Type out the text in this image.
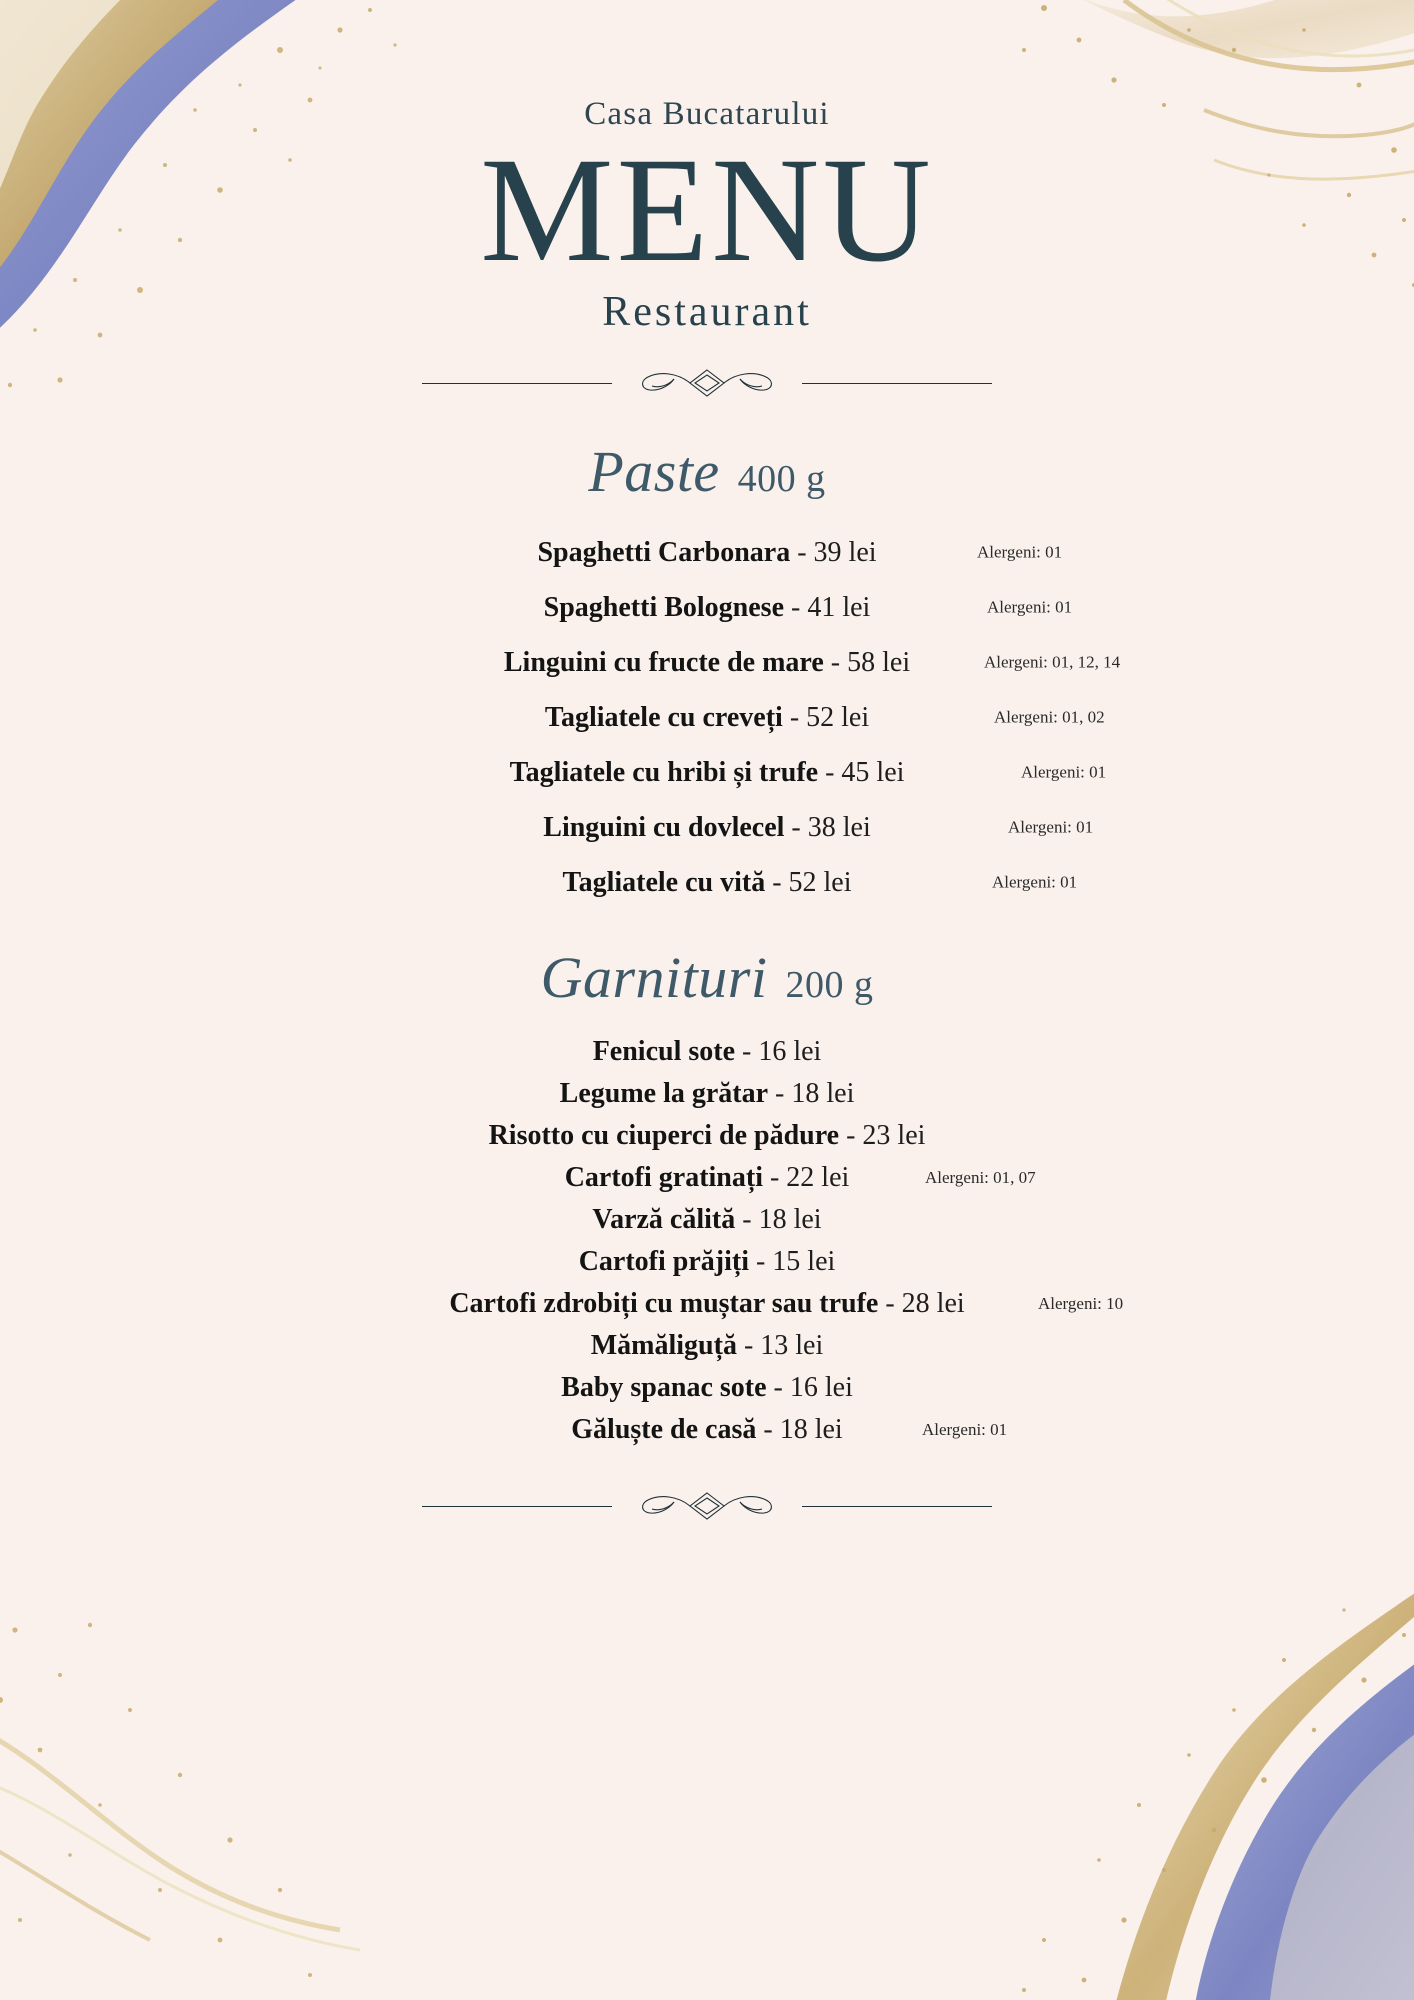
Casa Bucatarului
MENU
Restaurant
Paste 400 g
Spaghetti Carbonara - 39 lei	Alergeni: 01
Spaghetti Bolognese - 41 lei	Alergeni: 01
Linguini cu fructe de mare - 58 lei	Alergeni: 01, 12, 14
Tagliatele cu creveți - 52 lei	Alergeni: 01, 02
Tagliatele cu hribi și trufe - 45 lei	Alergeni: 01
Linguini cu dovlecel - 38 lei	Alergeni: 01
Tagliatele cu vită - 52 lei	Alergeni: 01
Garnituri 200 g
Fenicul sote - 16 lei
Legume la grătar - 18 lei
Risotto cu ciuperci de pădure - 23 lei
Cartofi gratinați - 22 lei	Alergeni: 01, 07
Varză călită - 18 lei
Cartofi prăjiți - 15 lei
Cartofi zdrobiți cu muștar sau trufe - 28 lei	Alergeni: 10
Mămăliguță - 13 lei
Baby spanac sote - 16 lei
Găluște de casă - 18 lei	Alergeni: 01
